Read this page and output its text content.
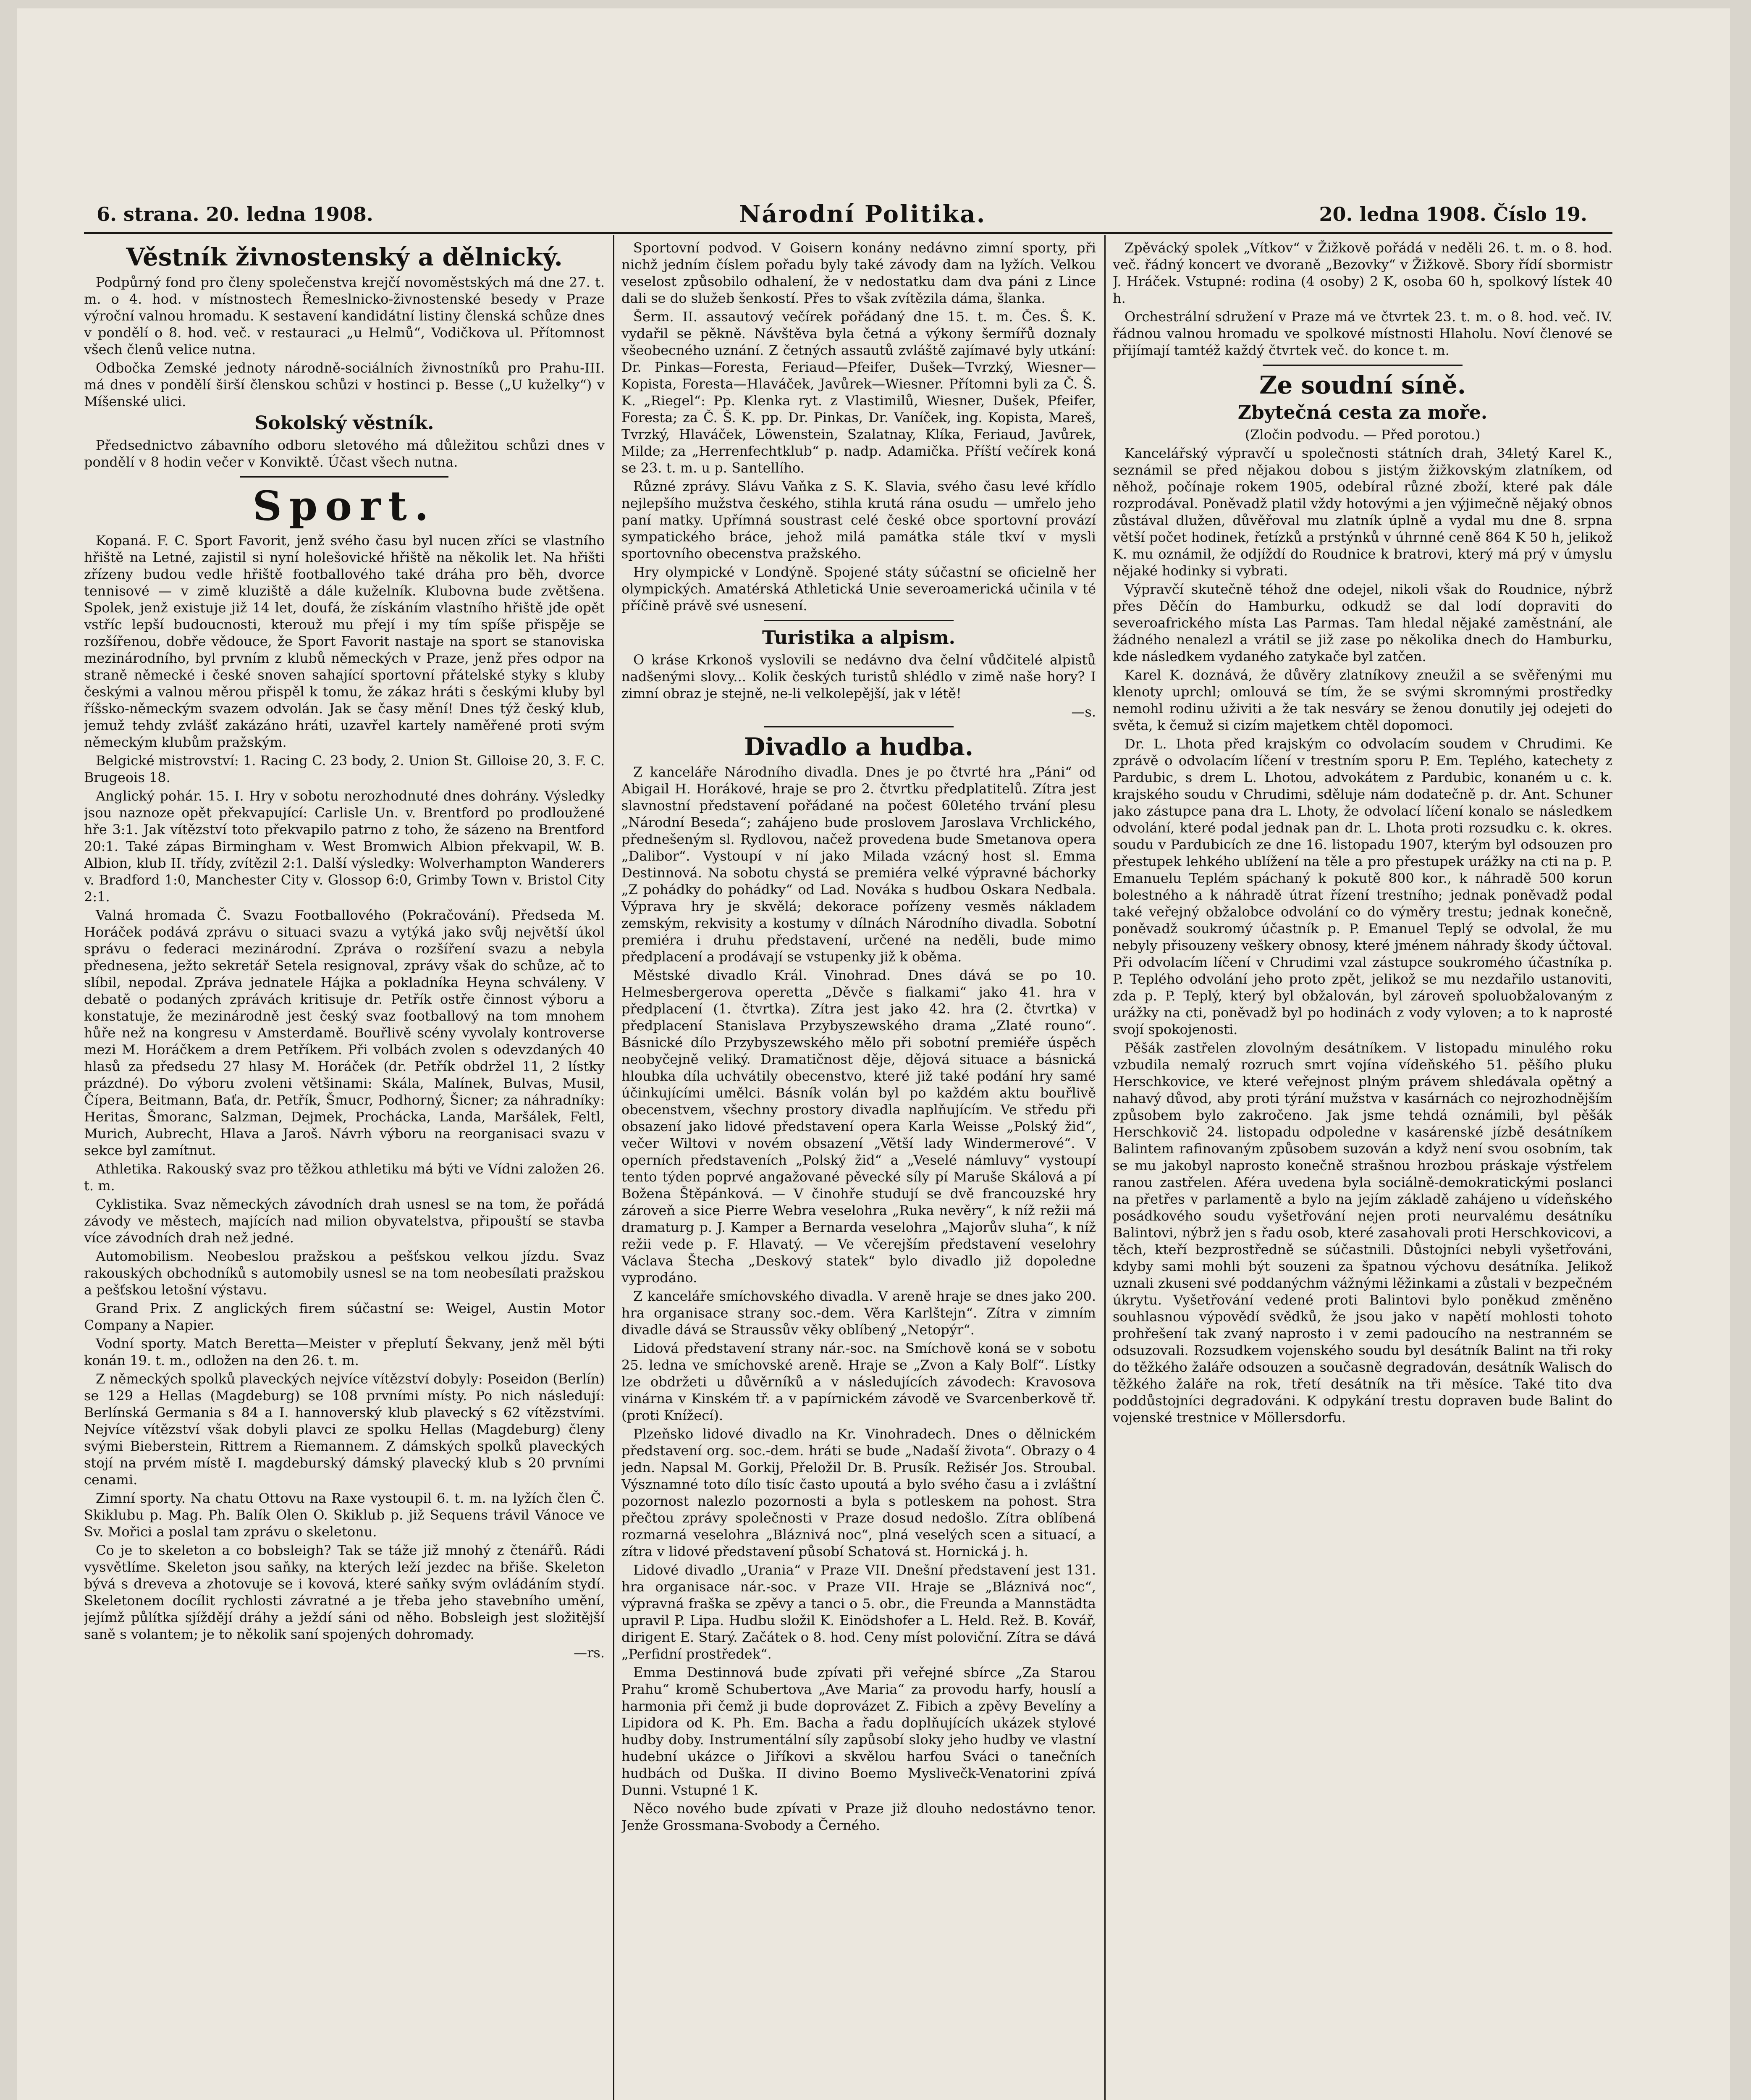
6. strana. 20. ledna 1908.	Národní Politika.	20. ledna 1908. Číslo 19.
Věstník živnostenský a dělnický.

Podpůrný fond pro členy společenstva krejčí novoměstských má dne 27. t. m. o 4. hod. v místnostech Řemeslnicko-živnostenské besedy v Praze výroční valnou hromadu. K sestavení kandidátní listiny členská schůze dnes v pondělí o 8. hod. več. v restauraci „u Helmů“, Vodičkova ul. Přítomnost všech členů velice nutna.

Odbočka Zemské jednoty národně-sociálních živnostníků pro Prahu-III. má dnes v pondělí širší členskou schůzi v hostinci p. Besse („U kuželky“) v Míšenské ulici.

Sokolský věstník.

Předsednictvo zábavního odboru sletového má důležitou schůzi dnes v pondělí v 8 hodin večer v Konviktě. Účast všech nutna.

Sport.

Kopaná. F. C. Sport Favorit, jenž svého času byl nucen zříci se vlastního hřiště na Letné, zajistil si nyní holešovické hřiště na několik let. Na hřišti zřízeny budou vedle hřiště footballového také dráha pro běh, dvorce tennisové — v zimě kluziště a dále kuželník. Klubovna bude zvětšena. Spolek, jenž existuje již 14 let, doufá, že získáním vlastního hřiště jde opět vstříc lepší budoucnosti, kterouž mu přejí i my tím spíše přispěje se rozšířenou, dobře vědouce, že Sport Favorit nastaje na sport se stanoviska mezinárodního, byl prvním z klubů německých v Praze, jenž přes odpor na straně německé i české snoven sahající sportovní přátelské styky s kluby českými a valnou měrou přispěl k tomu, že zákaz hráti s českými kluby byl říšsko-německým svazem odvolán. Jak se časy mění! Dnes týž český klub, jemuž tehdy zvlášť zakázáno hráti, uzavřel kartely naměřené proti svým německým klubům pražským.

Belgické mistrovství: 1. Racing C. 23 body, 2. Union St. Gilloise 20, 3. F. C. Brugeois 18.

Anglický pohár. 15. I. Hry v sobotu nerozhodnuté dnes dohrány. Výsledky jsou naznoze opět překvapující: Carlisle Un. v. Brentford po prodloužené hře 3:1. Jak vítězství toto překvapilo patrno z toho, že sázeno na Brentford 20:1. Také zápas Birmingham v. West Bromwich Albion překvapil, W. B. Albion, klub II. třídy, zvítězil 2:1. Další výsledky: Wolverhampton Wanderers v. Bradford 1:0, Manchester City v. Glossop 6:0, Grimby Town v. Bristol City 2:1.

Valná hromada Č. Svazu Footballového (Pokračování). Předseda M. Horáček podává zprávu o situaci svazu a vytýká jako svůj největší úkol správu o federaci mezinárodní. Zpráva o rozšíření svazu a nebyla přednesena, ježto sekretář Setela resignoval, zprávy však do schůze, ač to slíbil, nepodal. Zpráva jednatele Hájka a pokladníka Heyna schváleny. V debatě o podaných zprávách kritisuje dr. Petřík ostře činnost výboru a konstatuje, že mezinárodně jest český svaz footballový na tom mnohem hůře než na kongresu v Amsterdamě. Bouřlivě scény vyvolaly kontroverse mezi M. Horáčkem a drem Petříkem. Při volbách zvolen s odevzdaných 40 hlasů za předsedu 27 hlasy M. Horáček (dr. Petřík obdržel 11, 2 lístky prázdné). Do výboru zvoleni většinami: Skála, Malínek, Bulvas, Musil, Čípera, Beitmann, Baťa, dr. Petřík, Šmucr, Podhorný, Šicner; za náhradníky: Heritas, Šmoranc, Salzman, Dejmek, Prochácka, Landa, Maršálek, Feltl, Murich, Aubrecht, Hlava a Jaroš. Návrh výboru na reorganisaci svazu v sekce byl zamítnut.

Athletika. Rakouský svaz pro těžkou athletiku má býti ve Vídni založen 26. t. m.

Cyklistika. Svaz německých závodních drah usnesl se na tom, že pořádá závody ve městech, majících nad milion obyvatelstva, připouští se stavba více závodních drah než jedné.

Automobilism. Neobeslou pražskou a pešťskou velkou jízdu. Svaz rakouských obchodníků s automobily usnesl se na tom neobesílati pražskou a pešťskou letošní výstavu.

Grand Prix. Z anglických firem súčastní se: Weigel, Austin Motor Company a Napier.

Vodní sporty. Match Beretta—Meister v přeplutí Šekvany, jenž měl býti konán 19. t. m., odložen na den 26. t. m.

Z německých spolků plaveckých nejvíce vítězství dobyly: Poseidon (Berlín) se 129 a Hellas (Magdeburg) se 108 prvními místy. Po nich následují: Berlínská Germania s 84 a I. hannoverský klub plavecký s 62 vítězstvími. Nejvíce vítězství však dobyli plavci ze spolku Hellas (Magdeburg) členy svými Bieberstein, Rittrem a Riemannem. Z dámských spolků plaveckých stojí na prvém místě I. magdeburský dámský plavecký klub s 20 prvními cenami.

Zimní sporty. Na chatu Ottovu na Raxe vystoupil 6. t. m. na lyžích člen Č. Skiklubu p. Mag. Ph. Balík Olen O. Skiklub p. již Sequens trávil Vánoce ve Sv. Mořici a poslal tam zprávu o skeletonu.

Co je to skeleton a co bobsleigh? Tak se táže již mnohý z čtenářů. Rádi vysvětlíme. Skeleton jsou saňky, na kterých leží jezdec na břiše. Skeleton bývá s dreveva a zhotovuje se i kovová, které saňky svým ovládáním stydí. Skeletonem docílit rychlosti závratné a je třeba jeho stavebního umění, jejímž půlítka sjíždějí dráhy a ježdí sáni od něho. Bobsleigh jest složitější saně s volantem; je to několik saní spojených dohromady.

—rs.

Sportovní podvod. V Goisern konány nedávno zimní sporty, při nichž jedním číslem pořadu byly také závody dam na lyžích. Velkou veselost způsobilo odhalení, že v nedostatku dam dva páni z Lince dali se do služeb šenkostí. Přes to však zvítězila dáma, šlanka.

Šerm. II. assautový večírek pořádaný dne 15. t. m. Čes. Š. K. vydařil se pěkně. Návštěva byla četná a výkony šermířů doznaly všeobecného uznání. Z četných assautů zvláště zajímavé byly utkání: Dr. Pinkas—Foresta, Feriaud—Pfeifer, Dušek—Tvrzký, Wiesner—Kopista, Foresta—Hlaváček, Javůrek—Wiesner. Přítomni byli za Č. Š. K. „Riegel“: Pp. Klenka ryt. z Vlastimilů, Wiesner, Dušek, Pfeifer, Foresta; za Č. Š. K. pp. Dr. Pinkas, Dr. Vaníček, ing. Kopista, Mareš, Tvrzký, Hlaváček, Löwenstein, Szalatnay, Klíka, Feriaud, Javůrek, Milde; za „Herrenfechtklub“ p. nadp. Adamička. Příští večírek koná se 23. t. m. u p. Santellího.

Různé zprávy. Slávu Vaňka z S. K. Slavia, svého času levé křídlo nejlepšího mužstva českého, stihla krutá rána osudu — umřelo jeho paní matky. Upřímná soustrast celé české obce sportovní provází sympatického bráce, jehož milá památka stále tkví v mysli sportovního obecenstva pražského.

Hry olympické v Londýně. Spojené státy súčastní se oficielně her olympických. Amatérská Athletická Unie severoamerická učinila v té příčině právě své usnesení.

Turistika a alpism.

O kráse Krkonoš vyslovili se nedávno dva čelní vůdčitelé alpistů nadšenými slovy... Kolik českých turistů shlédlo v zimě naše hory? I zimní obraz je stejně, ne-li velkolepější, jak v létě!

—s.

Divadlo a hudba.

Z kanceláře Národního divadla. Dnes je po čtvrté hra „Páni“ od Abigail H. Horákové, hraje se pro 2. čtvrtku předplatitelů. Zítra jest slavnostní představení pořádané na počest 60letého trvání plesu „Národní Beseda“; zahájeno bude proslovem Jaroslava Vrchlického, přednešeným sl. Rydlovou, načež provedena bude Smetanova opera „Dalibor“. Vystoupí v ní jako Milada vzácný host sl. Emma Destinnová. Na sobotu chystá se premiéra velké výpravné báchorky „Z pohádky do pohádky“ od Lad. Nováka s hudbou Oskara Nedbala. Výprava hry je skvělá; dekorace pořízeny vesměs nákladem zemským, rekvisity a kostumy v dílnách Národního divadla. Sobotní premiéra i druhu představení, určené na neděli, bude mimo předplacení a prodávají se vstupenky již k oběma.

Městské divadlo Král. Vinohrad. Dnes dává se po 10. Helmesbergerova operetta „Děvče s fialkami“ jako 41. hra v předplacení (1. čtvrtka). Zítra jest jako 42. hra (2. čtvrtka) v předplacení Stanislava Przybyszewského drama „Zlaté rouno“. Básnické dílo Przybyszewského mělo při sobotní premiéře úspěch neobyčejně veliký. Dramatičnost děje, dějová situace a básnická hloubka díla uchvátily obecenstvo, které již také podání hry samé účinkujícími umělci. Básník volán byl po každém aktu bouřlivě obecenstvem, všechny prostory divadla naplňujícím. Ve středu při obsazení jako lidové představení opera Karla Weisse „Polský žid“, večer Wiltovi v novém obsazení „Větší lady Windermerové“. V operních představeních „Polský žid“ a „Veselé námluvy“ vystoupí tento týden poprvé angažované pěvecké síly pí Maruše Skálová a pí Božena Štěpánková. — V činohře studují se dvě francouzské hry zároveň a sice Pierre Webra veselohra „Ruka nevěry“, k níž režii má dramaturg p. J. Kamper a Bernarda veselohra „Majorův sluha“, k níž režii vede p. F. Hlavatý. — Ve včerejším představení veselohry Václava Štecha „Deskový statek“ bylo divadlo již dopoledne vyprodáno.

Z kanceláře smíchovského divadla. V areně hraje se dnes jako 200. hra organisace strany soc.-dem. Věra Karlštejn“. Zítra v zimním divadle dává se Straussův věky oblíbený „Netopýr“.

Lidová představení strany nár.-soc. na Smíchově koná se v sobotu 25. ledna ve smíchovské areně. Hraje se „Zvon a Kaly Bolf“. Lístky lze obdržeti u důvěrníků a v následujících závodech: Kravosova vinárna v Kinském tř. a v papírnickém závodě ve Svarcenberkově tř. (proti Knížecí).

Plzeňsko lidové divadlo na Kr. Vinohradech. Dnes o dělnickém představení org. soc.-dem. hráti se bude „Nadaší života“. Obrazy o 4 jedn. Napsal M. Gorkij, Přeložil Dr. B. Prusík. Režisér Jos. Stroubal. Výsznamné toto dílo tisíc často upoutá a bylo svého času a i zvláštní pozornost nalezlo pozornosti a byla s potleskem na pohost. Stra přečtou zprávy společnosti v Praze dosud nedošlo. Zítra oblíbená rozmarná veselohra „Bláznivá noc“, plná veselých scen a situací, a zítra v lidové představení působí Schatová st. Hornická j. h.

Lidové divadlo „Urania“ v Praze VII. Dnešní představení jest 131. hra organisace nár.-soc. v Praze VII. Hraje se „Bláznivá noc“, výpravná fraška se zpěvy a tanci o 5. obr., die Freunda a Mannstädta upravil P. Lipa. Hudbu složil K. Einödshofer a L. Held. Rež. B. Kovář, dirigent E. Starý. Začátek o 8. hod. Ceny míst poloviční. Zítra se dává „Perfidní prostředek“.

Emma Destinnová bude zpívati při veřejné sbírce „Za Starou Prahu“ kromě Schubertova „Ave Maria“ za provodu harfy, houslí a harmonia při čemž ji bude doprovázet Z. Fibich a zpěvy Bevelíny a Lipidora od K. Ph. Em. Bacha a řadu doplňujících ukázek stylové hudby doby. Instrumentální síly zapůsobí sloky jeho hudby ve vlastní hudební ukázce o Jiříkovi a skvělou harfou Sváci o tanečních hudbách od Duška. II divino Boemo Myslivečk-Venatorini zpívá Dunni. Vstupné 1 K.

Něco nového bude zpívati v Praze již dlouho nedostávno tenor. Jenže Grossmana-Svobody a Černého.

Zpěvácký spolek „Vítkov“ v Žižkově pořádá v neděli 26. t. m. o 8. hod. več. řádný koncert ve dvoraně „Bezovky“ v Žižkově. Sbory řídí sbormistr J. Hráček. Vstupné: rodina (4 osoby) 2 K, osoba 60 h, spolkový lístek 40 h.

Orchestrální sdružení v Praze má ve čtvrtek 23. t. m. o 8. hod. več. IV. řádnou valnou hromadu ve spolkové místnosti Hlaholu. Noví členové se přijímají tamtéž každý čtvrtek več. do konce t. m.

Ze soudní síně.
Zbytečná cesta za moře.

(Zločin podvodu. — Před porotou.)

Kancelářský výpravčí u společnosti státních drah, 34letý Karel K., seznámil se před nějakou dobou s jistým žižkovským zlatníkem, od něhož, počínaje rokem 1905, odebíral různé zboží, které pak dále rozprodával. Poněvadž platil vždy hotovými a jen výjimečně nějaký obnos zůstával dlužen, důvěřoval mu zlatník úplně a vydal mu dne 8. srpna větší počet hodinek, řetízků a prstýnků v úhrnné ceně 864 K 50 h, jelikož K. mu oznámil, že odjíždí do Roudnice k bratrovi, který má prý v úmyslu nějaké hodinky si vybrati.

Výpravčí skutečně téhož dne odejel, nikoli však do Roudnice, nýbrž přes Děčín do Hamburku, odkudž se dal lodí dopraviti do severoafrického místa Las Parmas. Tam hledal nějaké zaměstnání, ale žádného nenalezl a vrátil se již zase po několika dnech do Hamburku, kde následkem vydaného zatykače byl zatčen.

Karel K. doznává, že důvěry zlatníkovy zneužil a se svěřenými mu klenoty uprchl; omlouvá se tím, že se svými skromnými prostředky nemohl rodinu uživiti a že tak nesváry se ženou donutily jej odejeti do světa, k čemuž si cizím majetkem chtěl dopomoci.

Dr. L. Lhota před krajským co odvolacím soudem v Chrudimi. Ke zprávě o odvolacím líčení v trestním sporu P. Em. Teplého, katechety z Pardubic, s drem L. Lhotou, advokátem z Pardubic, konaném u c. k. krajského soudu v Chrudimi, sděluje nám dodatečně p. dr. Ant. Schuner jako zástupce pana dra L. Lhoty, že odvolací líčení konalo se následkem odvolání, které podal jednak pan dr. L. Lhota proti rozsudku c. k. okres. soudu v Pardubicích ze dne 16. listopadu 1907, kterým byl odsouzen pro přestupek lehkého ublížení na těle a pro přestupek urážky na cti na p. P. Emanuelu Teplém spáchaný k pokutě 800 kor., k náhradě 500 korun bolestného a k náhradě útrat řízení trestního; jednak poněvadž podal také veřejný obžalobce odvolání co do výměry trestu; jednak konečně, poněvadž soukromý účastník p. P. Emanuel Teplý se odvolal, že mu nebyly přisouzeny veškery obnosy, které jménem náhrady škody účtoval. Při odvolacím líčení v Chrudimi vzal zástupce soukromého účastníka p. P. Teplého odvolání jeho proto zpět, jelikož se mu nezdařilo ustanoviti, zda p. P. Teplý, který byl obžalován, byl zároveň spoluobžalovaným z urážky na cti, poněvadž byl po hodinách z vody vyloven; a to k naprosté svojí spokojenosti.

Pěšák zastřelen zlovolným desátníkem. V listopadu minulého roku vzbudila nemalý rozruch smrt vojína vídeňského 51. pěšího pluku Herschkovice, ve které veřejnost plným právem shledávala opětný a nahavý důvod, aby proti týrání mužstva v kasárnách co nejrozhodnějším způsobem bylo zakročeno. Jak jsme tehdá oznámili, byl pěšák Herschkovič 24. listopadu odpoledne v kasárenské jízbě desátníkem Balintem rafinovaným způsobem suzován a když není svou osobním, tak se mu jakobyl naprosto konečně strašnou hrozbou práskaje výstřelem ranou zastřelen. Aféra uvedena byla sociálně-demokratickými poslanci na přetřes v parlamentě a bylo na jejím základě zahájeno u vídeňského posádkového soudu vyšetřování nejen proti neurvalému desátníku Balintovi, nýbrž jen s řadu osob, které zasahovali proti Herschkovicovi, a těch, kteří bezprostředně se súčastnili. Důstojníci nebyli vyšetřováni, kdyby sami mohli být souzeni za špatnou výchovu desátníka. Jelikož uznali zkuseni své poddanýchm vážnými lěžinkami a zůstali v bezpečném úkrytu. Vyšetřování vedené proti Balintovi bylo poněkud změněno souhlasnou výpovědí svědků, že jsou jako v napětí mohlosti tohoto prohřešení tak zvaný naprosto i v zemi padoucího na nestranném se odsuzovali. Rozsudkem vojenského soudu byl desátník Balint na tři roky do těžkého žaláře odsouzen a současně degradován, desátník Walisch do těžkého žaláře na rok, třetí desátník na tři měsíce. Také tito dva poddůstojníci degradováni. K odpykání trestu dopraven bude Balint do vojenské trestnice v Möllersdorfu.
